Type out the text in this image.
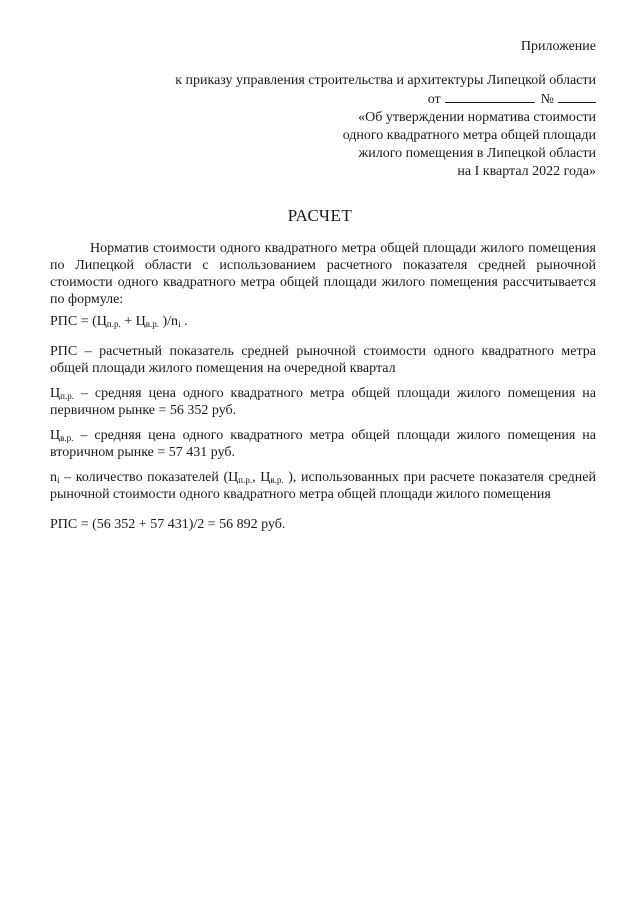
Приложение
к приказу управления строительства и архитектуры Липецкой области
от	№
«Об утверждении норматива стоимости
одного квадратного метра общей площади
жилого помещения в Липецкой области
на I квартал 2022 года»
РАСЧЕТ
Норматив стоимости одного квадратного метра общей площади жилого помещения по Липецкой области с использованием расчетного показателя средней рыночной стоимости одного квадратного метра общей площади жилого помещения рассчитывается по формуле:
РПС = ($Ц_{п.р.} + Ц_{в.р.}$ )$/n_i$ .
РПС – расчетный показатель средней рыночной стоимости одного квадратного метра общей площади жилого помещения на очередной квартал
$Ц_{п.р.}$ – средняя цена одного квадратного метра общей площади жилого помещения на первичном рынке = 56 352 руб.
$Ц_{в.р.}$ – средняя цена одного квадратного метра общей площади жилого помещения на вторичном рынке = 57 431 руб.
$n_i$ – количество показателей ($Ц_{п.р.}$, $Ц_{в.р.}$ ), использованных при расчете показателя средней рыночной стоимости одного квадратного метра общей площади жилого помещения
РПС = (56 352 + 57 431)/2 = 56 892 руб.
